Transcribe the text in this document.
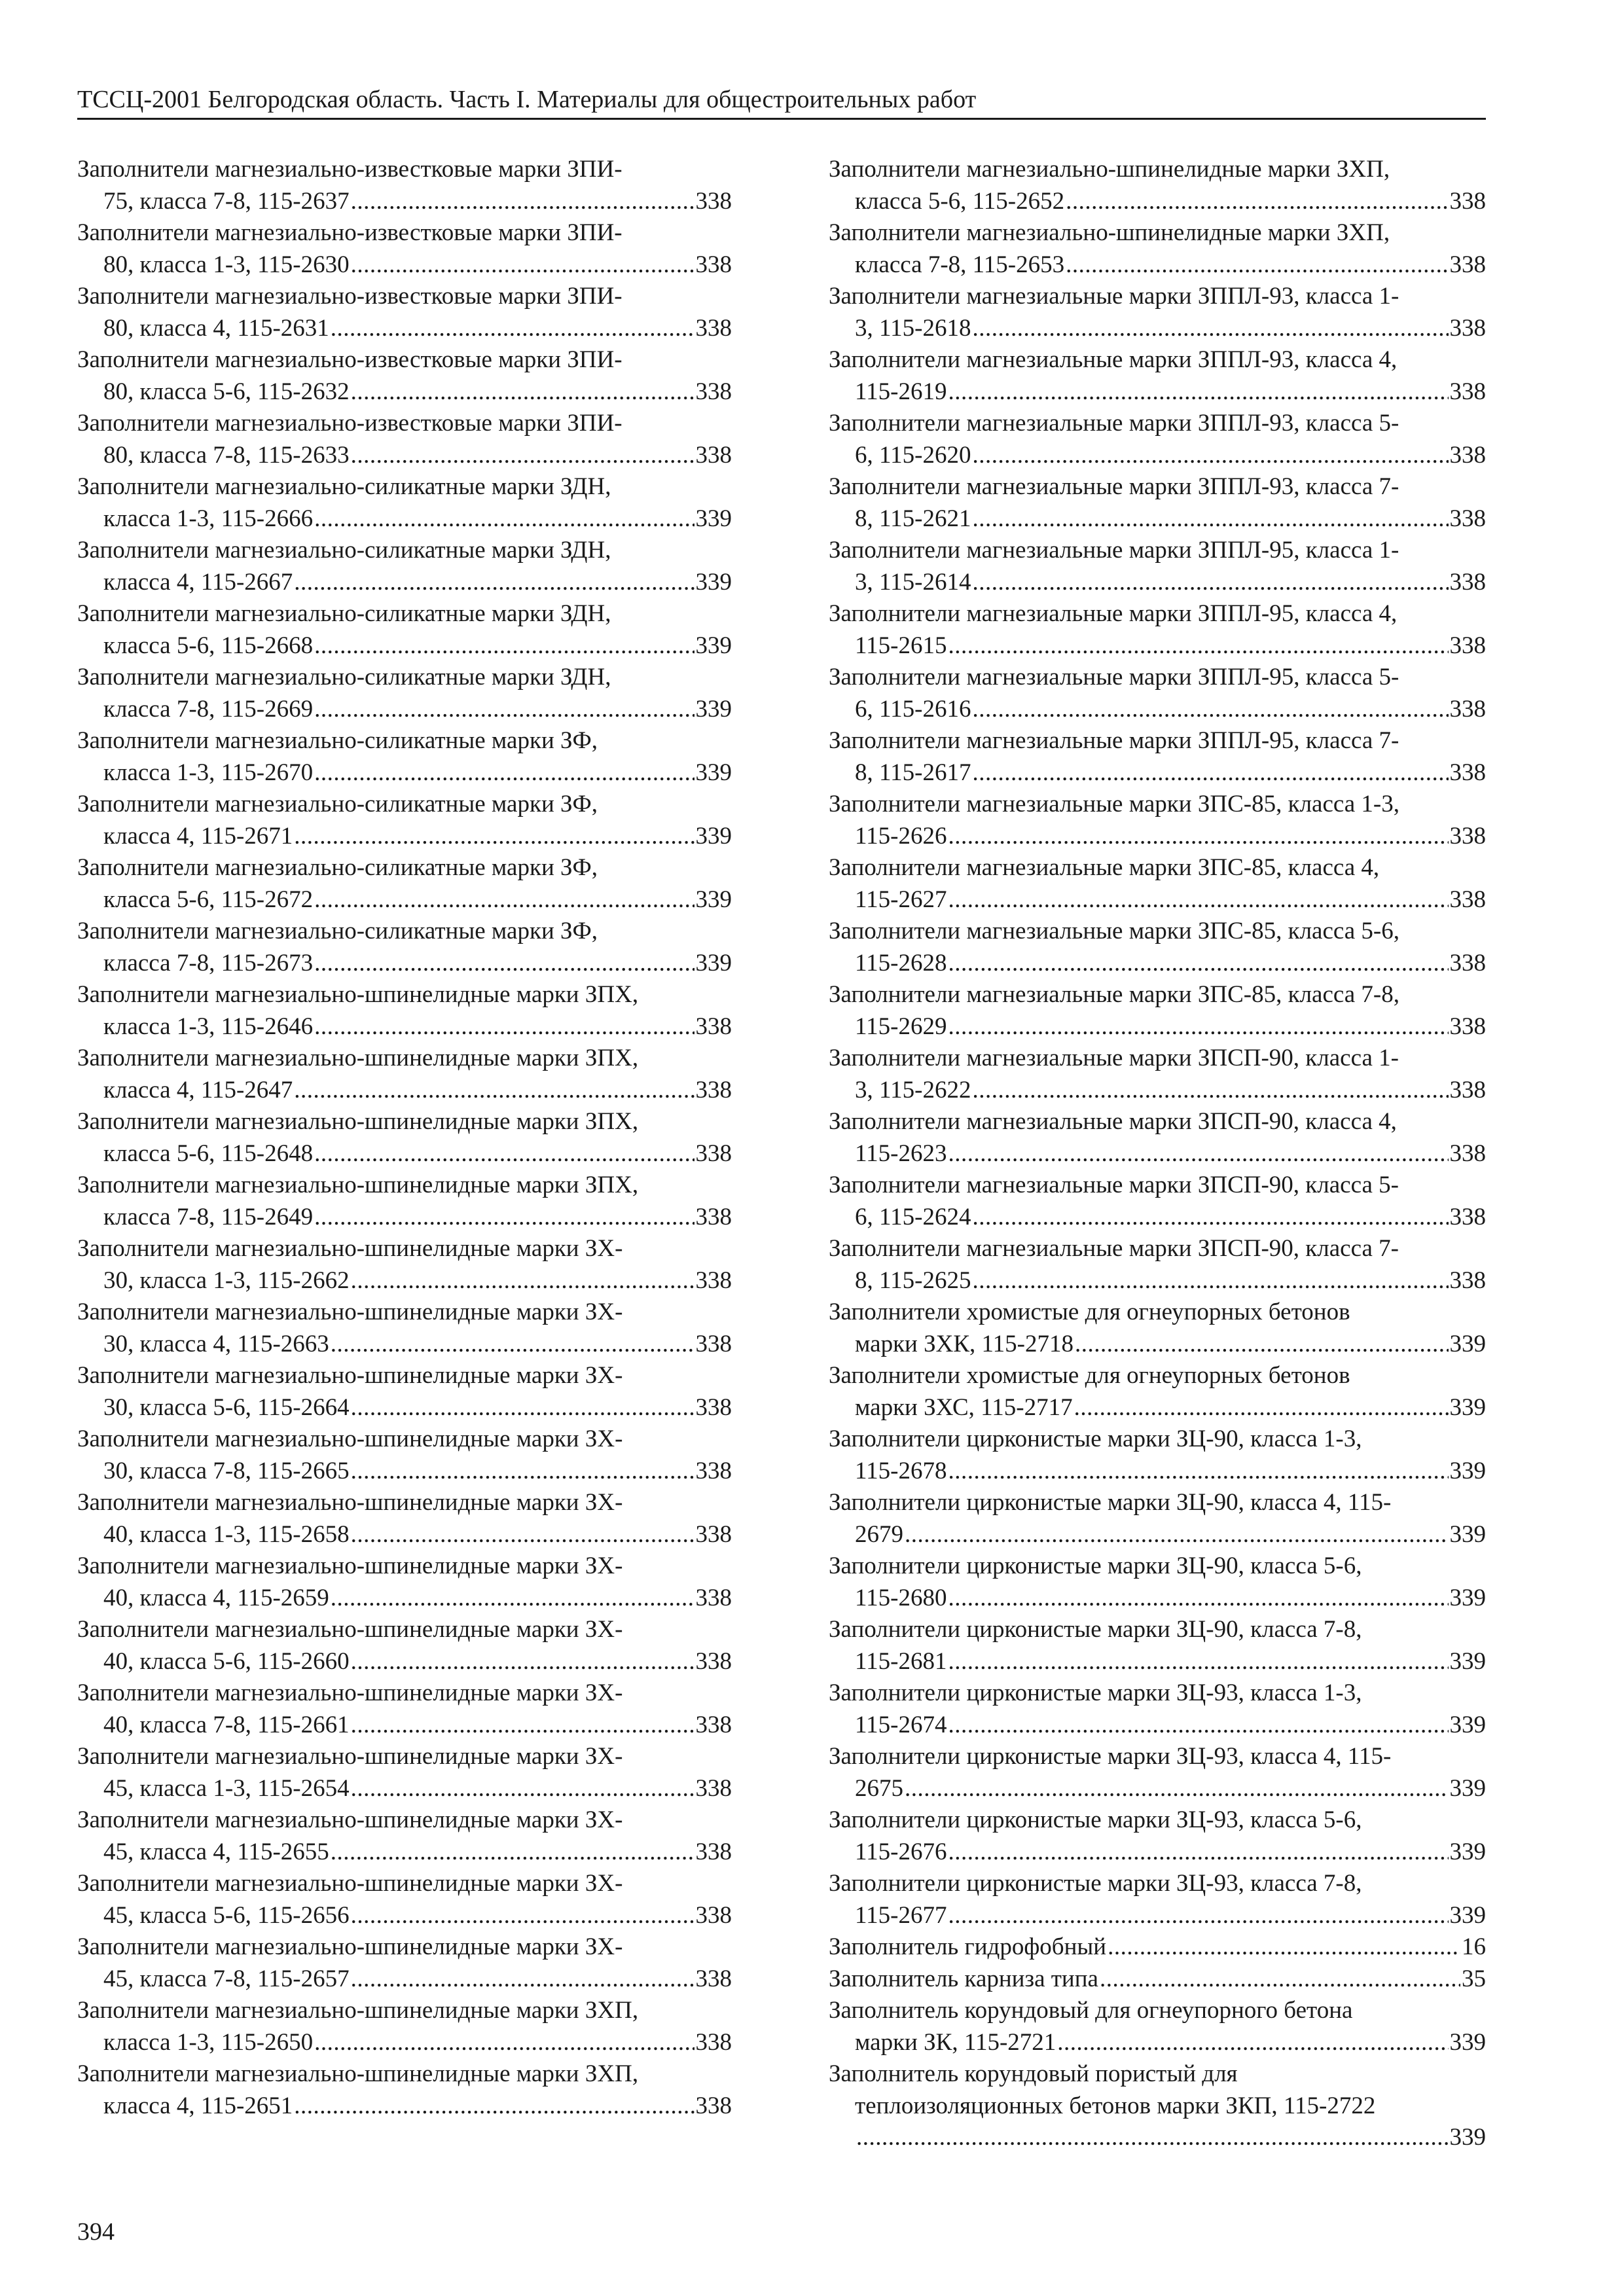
ТССЦ-2001 Белгородская область. Часть I. Материалы для общестроительных работ
Заполнители магнезиально-известковые марки ЗПИ-
75, класса 7-8, 115-2637 .....	338
Заполнители магнезиально-известковые марки ЗПИ-
80, класса 1-3, 115-2630 .....	338
Заполнители магнезиально-известковые марки ЗПИ-
80, класса 4, 115-2631 .....	338
Заполнители магнезиально-известковые марки ЗПИ-
80, класса 5-6, 115-2632 .....	338
Заполнители магнезиально-известковые марки ЗПИ-
80, класса 7-8, 115-2633 .....	338
Заполнители магнезиально-силикатные марки ЗДН,
класса 1-3, 115-2666 .....	339
Заполнители магнезиально-силикатные марки ЗДН,
класса 4, 115-2667 .....	339
Заполнители магнезиально-силикатные марки ЗДН,
класса 5-6, 115-2668 .....	339
Заполнители магнезиально-силикатные марки ЗДН,
класса 7-8, 115-2669 .....	339
Заполнители магнезиально-силикатные марки ЗФ,
класса 1-3, 115-2670 .....	339
Заполнители магнезиально-силикатные марки ЗФ,
класса 4, 115-2671 .....	339
Заполнители магнезиально-силикатные марки ЗФ,
класса 5-6, 115-2672 .....	339
Заполнители магнезиально-силикатные марки ЗФ,
класса 7-8, 115-2673 .....	339
Заполнители магнезиально-шпинелидные марки ЗПХ,
класса 1-3, 115-2646 .....	338
Заполнители магнезиально-шпинелидные марки ЗПХ,
класса 4, 115-2647 .....	338
Заполнители магнезиально-шпинелидные марки ЗПХ,
класса 5-6, 115-2648 .....	338
Заполнители магнезиально-шпинелидные марки ЗПХ,
класса 7-8, 115-2649 .....	338
Заполнители магнезиально-шпинелидные марки ЗХ-
30, класса 1-3, 115-2662 .....	338
Заполнители магнезиально-шпинелидные марки ЗХ-
30, класса 4, 115-2663 .....	338
Заполнители магнезиально-шпинелидные марки ЗХ-
30, класса 5-6, 115-2664 .....	338
Заполнители магнезиально-шпинелидные марки ЗХ-
30, класса 7-8, 115-2665 .....	338
Заполнители магнезиально-шпинелидные марки ЗХ-
40, класса 1-3, 115-2658 .....	338
Заполнители магнезиально-шпинелидные марки ЗХ-
40, класса 4, 115-2659 .....	338
Заполнители магнезиально-шпинелидные марки ЗХ-
40, класса 5-6, 115-2660 .....	338
Заполнители магнезиально-шпинелидные марки ЗХ-
40, класса 7-8, 115-2661 .....	338
Заполнители магнезиально-шпинелидные марки ЗХ-
45, класса 1-3, 115-2654 .....	338
Заполнители магнезиально-шпинелидные марки ЗХ-
45, класса 4, 115-2655 .....	338
Заполнители магнезиально-шпинелидные марки ЗХ-
45, класса 5-6, 115-2656 .....	338
Заполнители магнезиально-шпинелидные марки ЗХ-
45, класса 7-8, 115-2657 .....	338
Заполнители магнезиально-шпинелидные марки ЗХП,
класса 1-3, 115-2650 .....	338
Заполнители магнезиально-шпинелидные марки ЗХП,
класса 4, 115-2651 .....	338
Заполнители магнезиально-шпинелидные марки ЗХП,
класса 5-6, 115-2652 .....	338
Заполнители магнезиально-шпинелидные марки ЗХП,
класса 7-8, 115-2653 .....	338
Заполнители магнезиальные марки ЗППЛ-93, класса 1-
3, 115-2618 .....	338
Заполнители магнезиальные марки ЗППЛ-93, класса 4,
115-2619 .....	338
Заполнители магнезиальные марки ЗППЛ-93, класса 5-
6, 115-2620 .....	338
Заполнители магнезиальные марки ЗППЛ-93, класса 7-
8, 115-2621 .....	338
Заполнители магнезиальные марки ЗППЛ-95, класса 1-
3, 115-2614 .....	338
Заполнители магнезиальные марки ЗППЛ-95, класса 4,
115-2615 .....	338
Заполнители магнезиальные марки ЗППЛ-95, класса 5-
6, 115-2616 .....	338
Заполнители магнезиальные марки ЗППЛ-95, класса 7-
8, 115-2617 .....	338
Заполнители магнезиальные марки ЗПС-85, класса 1-3,
115-2626 .....	338
Заполнители магнезиальные марки ЗПС-85, класса 4,
115-2627 .....	338
Заполнители магнезиальные марки ЗПС-85, класса 5-6,
115-2628 .....	338
Заполнители магнезиальные марки ЗПС-85, класса 7-8,
115-2629 .....	338
Заполнители магнезиальные марки ЗПСП-90, класса 1-
3, 115-2622 .....	338
Заполнители магнезиальные марки ЗПСП-90, класса 4,
115-2623 .....	338
Заполнители магнезиальные марки ЗПСП-90, класса 5-
6, 115-2624 .....	338
Заполнители магнезиальные марки ЗПСП-90, класса 7-
8, 115-2625 .....	338
Заполнители хромистые для огнеупорных бетонов
марки ЗХК, 115-2718 .....	339
Заполнители хромистые для огнеупорных бетонов
марки ЗХС, 115-2717 .....	339
Заполнители цирконистые марки ЗЦ-90, класса 1-3,
115-2678 .....	339
Заполнители цирконистые марки ЗЦ-90, класса 4, 115-
2679 .....	339
Заполнители цирконистые марки ЗЦ-90, класса 5-6,
115-2680 .....	339
Заполнители цирконистые марки ЗЦ-90, класса 7-8,
115-2681 .....	339
Заполнители цирконистые марки ЗЦ-93, класса 1-3,
115-2674 .....	339
Заполнители цирконистые марки ЗЦ-93, класса 4, 115-
2675 .....	339
Заполнители цирконистые марки ЗЦ-93, класса 5-6,
115-2676 .....	339
Заполнители цирконистые марки ЗЦ-93, класса 7-8,
115-2677 .....	339
Заполнитель гидрофобный .....	16
Заполнитель карниза типа .....	35
Заполнитель корундовый для огнеупорного бетона
марки ЗК, 115-2721 .....	339
Заполнитель корундовый пористый для
теплоизоляционных бетонов марки ЗКП, 115-2722
.....
339
394
